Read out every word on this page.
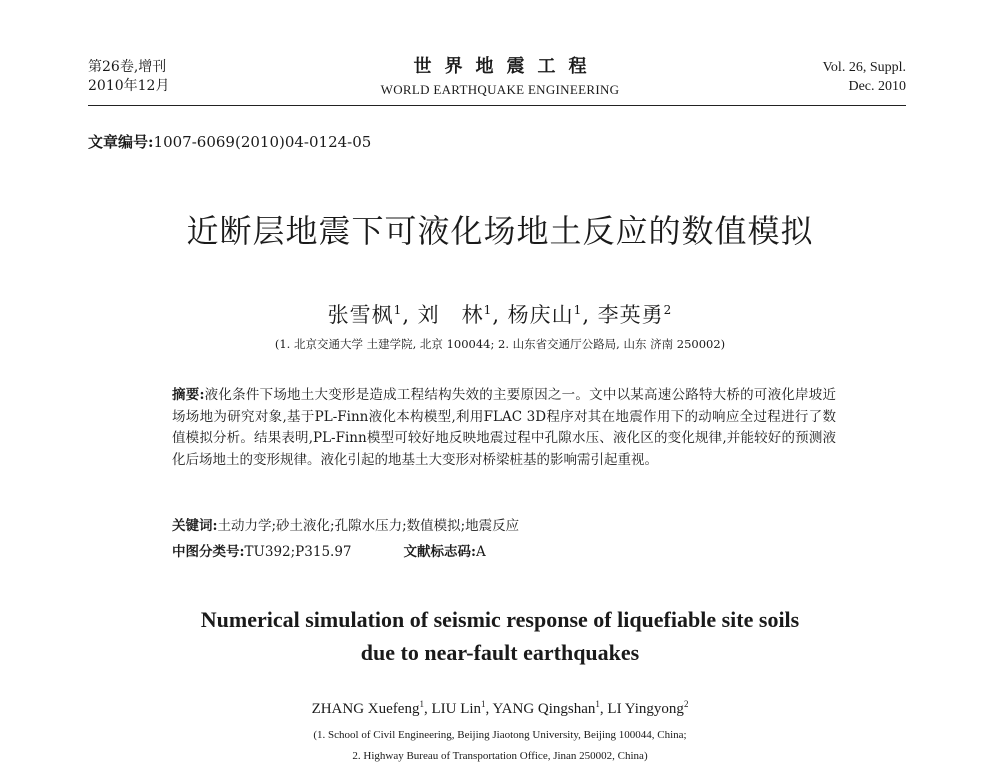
第26卷,增刊
2010年12月
世界地震工程
WORLD EARTHQUAKE ENGINEERING
Vol. 26, Suppl.
Dec. 2010
文章编号:1007-6069(2010)04-0124-05
近断层地震下可液化场地土反应的数值模拟
张雪枫$^1$, 刘　林$^1$, 杨庆山$^1$, 李英勇$^2$
(1. 北京交通大学 土建学院, 北京 100044; 2. 山东省交通厅公路局, 山东 济南 250002)
摘要:液化条件下场地土大变形是造成工程结构失效的主要原因之一。文中以某高速公路特大桥的可液化岸坡近场场地为研究对象,基于PL-Finn液化本构模型,利用FLAC 3D程序对其在地震作用下的动响应全过程进行了数值模拟分析。结果表明,PL-Finn模型可较好地反映地震过程中孔隙水压、液化区的变化规律,并能较好的预测液化后场地土的变形规律。液化引起的地基土大变形对桥梁桩基的影响需引起重视。
关键词:土动力学;砂土液化;孔隙水压力;数值模拟;地震反应
中图分类号:TU392;P315.97	文献标志码:A
Numerical simulation of seismic response of liquefiable site soils
due to near-fault earthquakes
ZHANG Xuefeng$^1$, LIU Lin$^1$, YANG Qingshan$^1$, LI Yingyong$^2$
(1. School of Civil Engineering, Beijing Jiaotong University, Beijing 100044, China;
2. Highway Bureau of Transportation Office, Jinan 250002, China)
